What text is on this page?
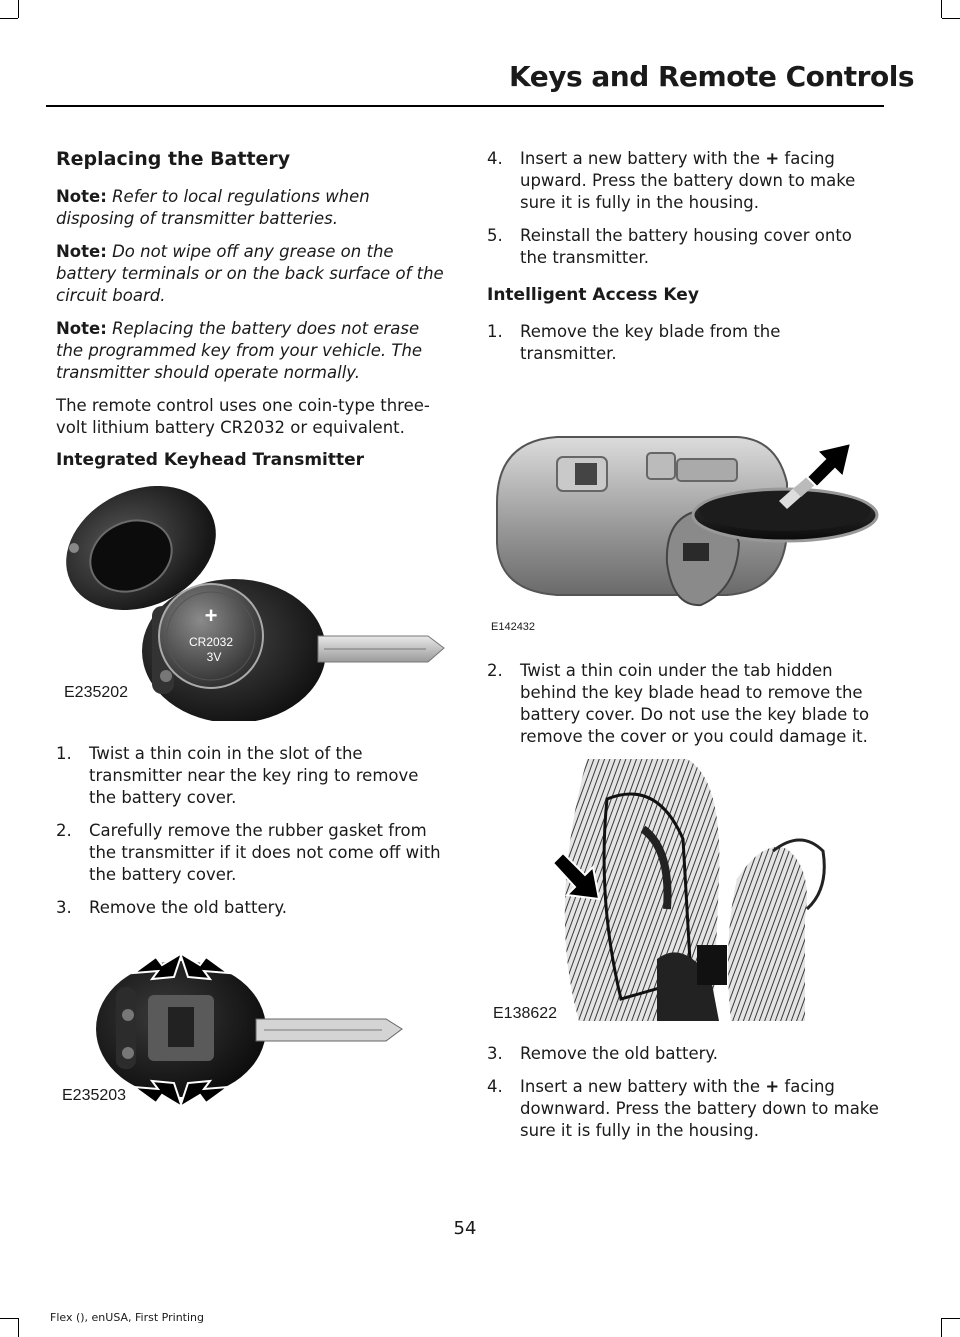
Keys and Remote Controls
Replacing the Battery

Note: Refer to local regulations when disposing of transmitter batteries.

Note: Do not wipe off any grease on the battery terminals or on the back surface of the circuit board.

Note: Replacing the battery does not erase the programmed key from your vehicle. The transmitter should operate normally.

The remote control uses one coin-type three-volt lithium battery CR2032 or equivalent.

Integrated Keyhead Transmitter
+
CR2032
3V
E235202
1. Twist a thin coin in the slot of the transmitter near the key ring to remove the battery cover.
2. Carefully remove the rubber gasket from the transmitter if it does not come off with the battery cover.
3. Remove the old battery.
E235203
4. Insert a new battery with the + facing upward. Press the battery down to make sure it is fully in the housing.
5. Reinstall the battery housing cover onto the transmitter.
Intelligent Access Key
1. Remove the key blade from the transmitter.
E142432
2. Twist a thin coin under the tab hidden behind the key blade head to remove the battery cover. Do not use the key blade to remove the cover or you could damage it.
E138622
3. Remove the old battery.
4. Insert a new battery with the + facing downward. Press the battery down to make sure it is fully in the housing.
54
Flex (), enUSA, First Printing
